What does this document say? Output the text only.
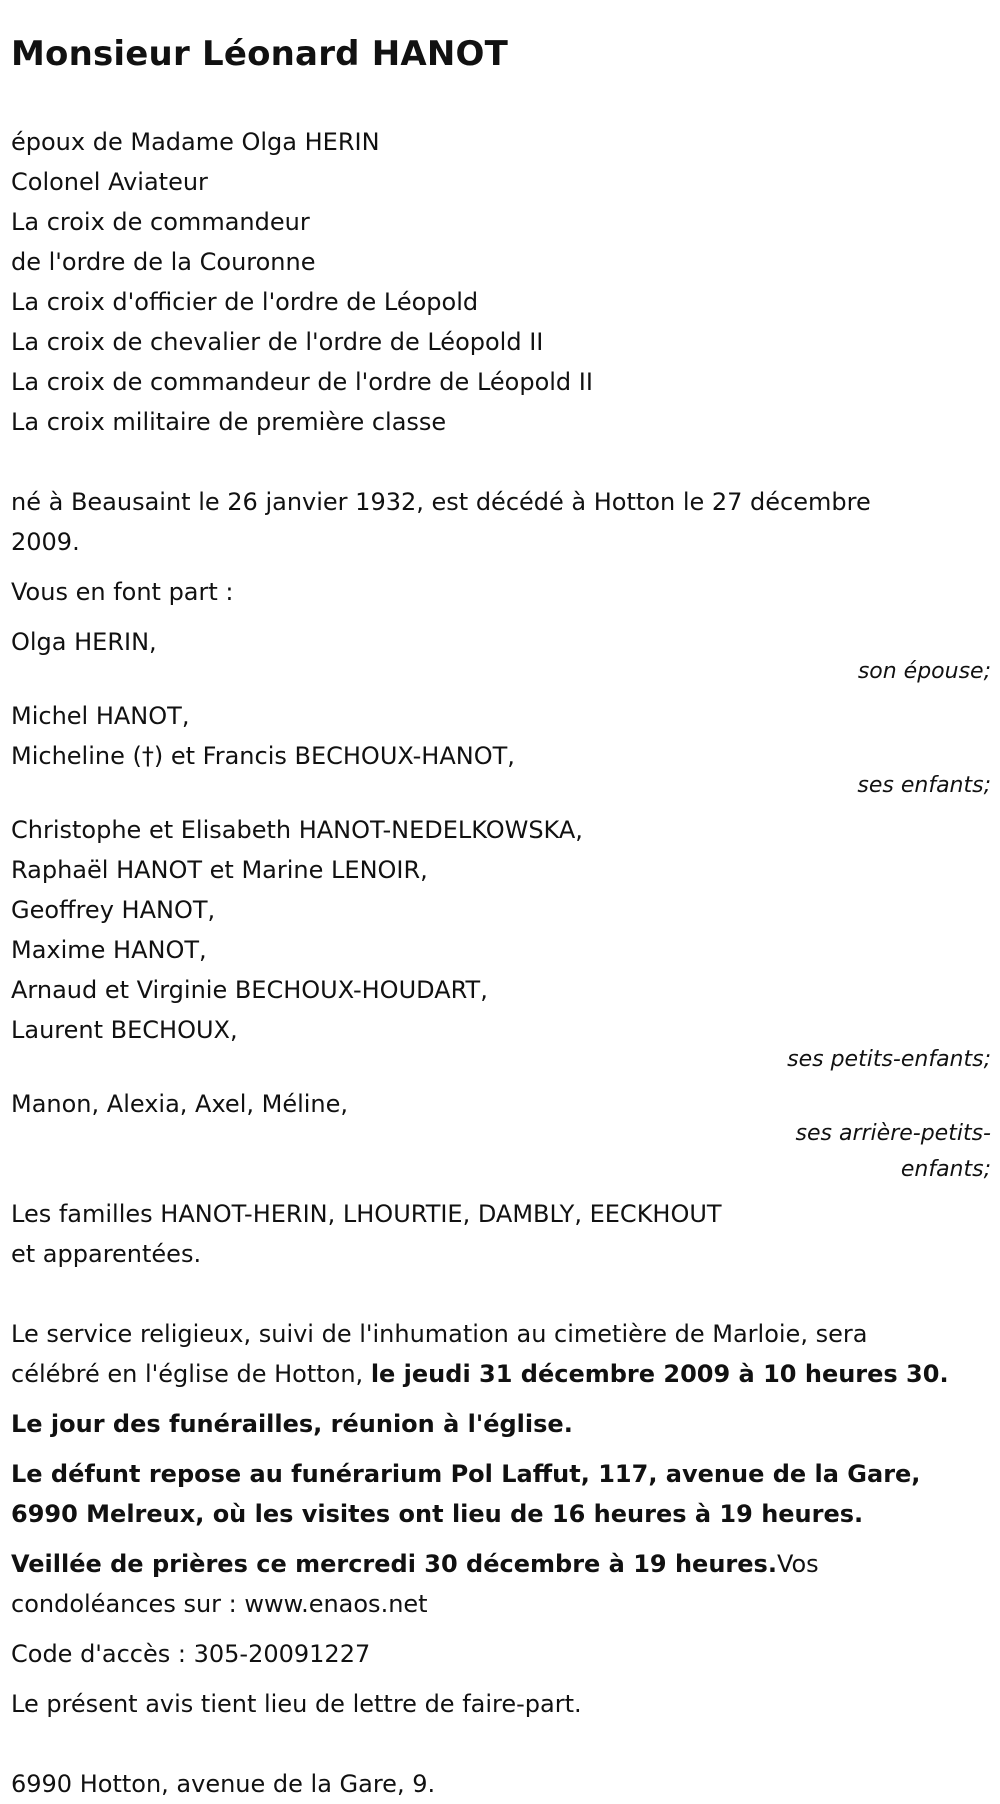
Monsieur Léonard HANOT
époux de Madame Olga HERIN
Colonel Aviateur
La croix de commandeur
de l'ordre de la Couronne
La croix d'officier de l'ordre de Léopold
La croix de chevalier de l'ordre de Léopold II
La croix de commandeur de l'ordre de Léopold II
La croix militaire de première classe
né à Beausaint le 26 janvier 1932, est décédé à Hotton le 27 décembre
2009.
Vous en font part :
Olga HERIN,
son épouse;
Michel HANOT,
Micheline (†) et Francis BECHOUX-HANOT,
ses enfants;
Christophe et Elisabeth HANOT-NEDELKOWSKA,
Raphaël HANOT et Marine LENOIR,
Geoffrey HANOT,
Maxime HANOT,
Arnaud et Virginie BECHOUX-HOUDART,
Laurent BECHOUX,
ses petits-enfants;
Manon, Alexia, Axel, Méline,
ses arrière-petits-
enfants;
Les familles HANOT-HERIN, LHOURTIE, DAMBLY, EECKHOUT
et apparentées.
Le service religieux, suivi de l'inhumation au cimetière de Marloie, sera
célébré en l'église de Hotton, le jeudi 31 décembre 2009 à 10 heures 30.
Le jour des funérailles, réunion à l'église.
Le défunt repose au funérarium Pol Laffut, 117, avenue de la Gare,
6990 Melreux, où les visites ont lieu de 16 heures à 19 heures.
Veillée de prières ce mercredi 30 décembre à 19 heures.Vos
condoléances sur : www.enaos.net
Code d'accès : 305-20091227
Le présent avis tient lieu de lettre de faire-part.
6990 Hotton, avenue de la Gare, 9.
